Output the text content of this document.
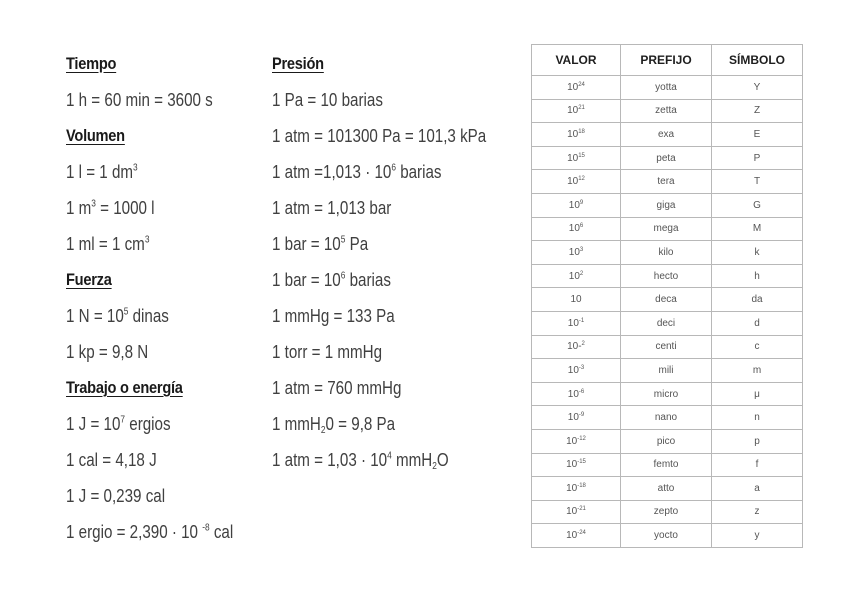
Tiempo
1 h = 60 min = 3600 s
Volumen
1 l = 1 $dm^3$
1 $m^3 = 1000$ l
1 ml = 1 $cm^3$
Fuerza
1 $N = 10^5$ dinas
1 kp = 9,8 N
Trabajo o energía
1 $J = 10^7$ ergios
1 cal = 4,18 J
1 J = 0,239 cal
1 ergio = 2,390 · 10 $^{-8}$ cal
Presión
1 Pa = 10 barias
1 atm = 101300 Pa = 101,3 kPa
1 atm $=1,013 \cdot 10^6$ barias
1 atm = 1,013 bar
1 bar = $10^5$ Pa
1 bar = $10^6$ barias
1 mmHg = 133 Pa
1 torr = 1 mmHg
1 atm = 760 mmHg
1 mmH$_2$0 = 9,8 Pa
1 atm = $1,03 \cdot 10^4$ mmH$_2$O
VALOR	PREFIJO	SÍMBOLO
$10^{24}$	yotta	Y
$10^{21}$	zetta	Z
$10^{18}$	exa	E
$10^{15}$	peta	P
$10^{12}$	tera	T
$10^9$	giga	G
$10^6$	mega	M
$10^3$	kilo	k
$10^2$	hecto	h
10	deca	da
$10^{-1}$	deci	d
10-$^2$	centi	c
$10^{-3}$	mili	m
$10^{-6}$	micro	μ
$10^{-9}$	nano	n
$10^{-12}$	pico	p
$10^{-15}$	femto	f
$10^{-18}$	atto	a
$10^{-21}$	zepto	z
$10^{-24}$	yocto	y
